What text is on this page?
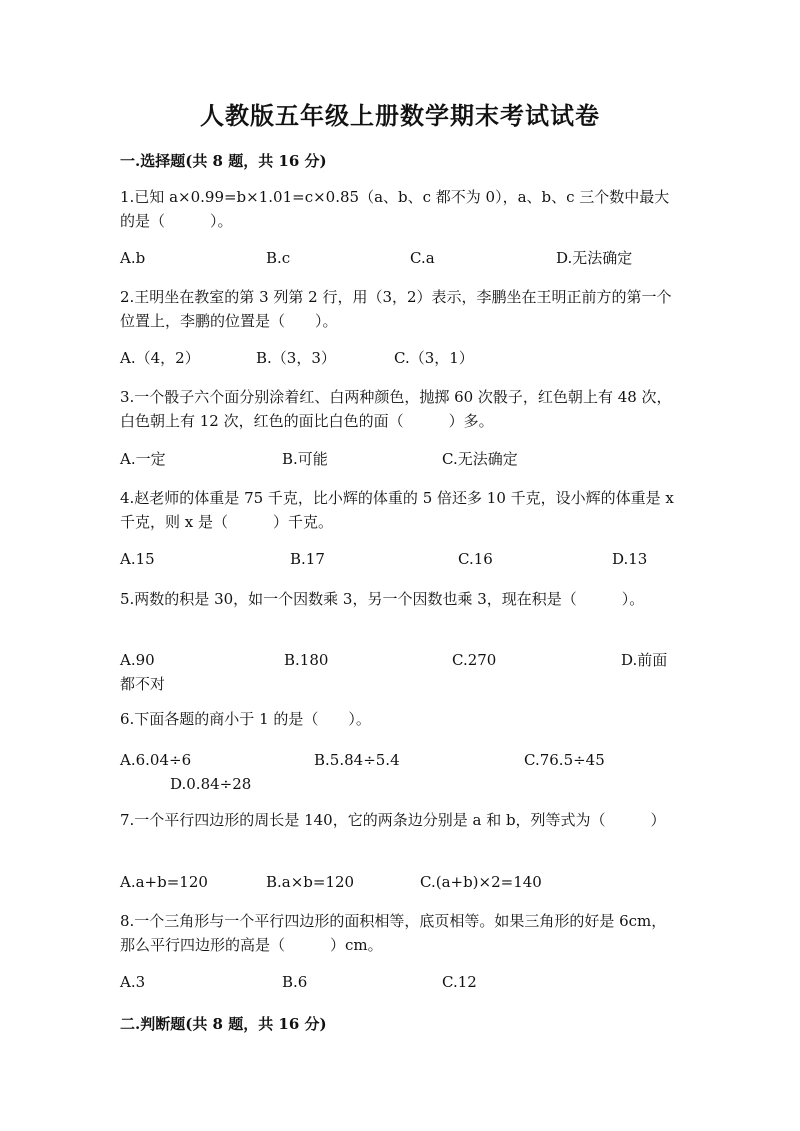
人教版五年级上册数学期末考试试卷
一.选择题(共 8 题，共 16 分)
1.已知 a×0.99=b×1.01=c×0.85（a、b、c 都不为 0），a、b、c 三个数中最大的是（　　　）。
A.b	B.c	C.a	D.无法确定
2.王明坐在教室的第 3 列第 2 行，用（3，2）表示，李鹏坐在王明正前方的第一个位置上，李鹏的位置是（　　）。
A.（4，2）	B.（3，3）	C.（3，1）
3.一个骰子六个面分别涂着红、白两种颜色，抛掷 60 次骰子，红色朝上有 48 次，白色朝上有 12 次，红色的面比白色的面（　　　）多。
A.一定	B.可能	C.无法确定
4.赵老师的体重是 75 千克，比小辉的体重的 5 倍还多 10 千克，设小辉的体重是 x 千克，则 x 是（　　　）千克。
A.15	B.17	C.16	D.13
5.两数的积是 30，如一个因数乘 3，另一个因数也乘 3，现在积是（　　　）。
A.90	B.180	C.270	D.前面
都不对
6.下面各题的商小于 1 的是（　　）。
A.6.04÷6	B.5.84÷5.4	C.76.5÷45
D.0.84÷28
7.一个平行四边形的周长是 140，它的两条边分别是 a 和 b，列等式为（　　　）
A.a+b=120	B.a×b=120	C.(a+b)×2=140
8.一个三角形与一个平行四边形的面积相等，底页相等。如果三角形的好是 6cm，那么平行四边形的高是（　　　）cm。
A.3	B.6	C.12
二.判断题(共 8 题，共 16 分)
